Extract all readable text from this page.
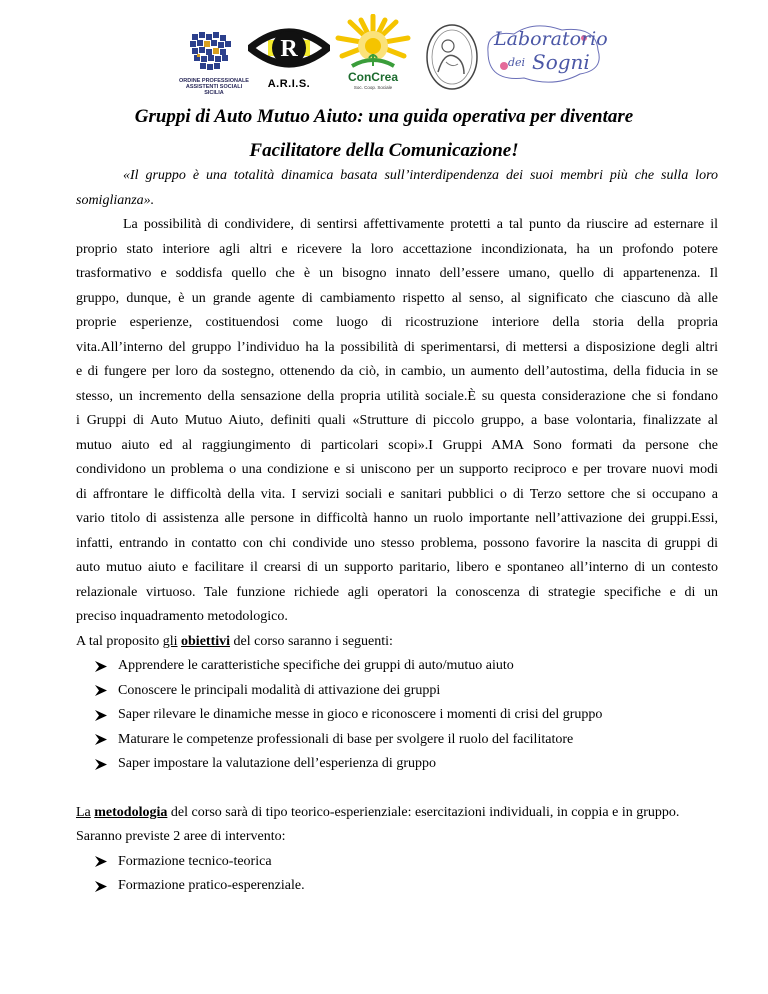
ORDINE PROFESSIONALE
ASSISTENTI SOCIALI
SICILIA
R
A.R.I.S.	ConCrea
Soc. Coop. Sociale
Laboratorio
dei Sogni
Gruppi di Auto Mutuo Aiuto: una guida operativa per diventare
Facilitatore della Comunicazione!

«Il gruppo è una totalità dinamica basata sull’interdipendenza dei suoi membri più che sulla loro

somiglianza».

La possibilità di condividere, di sentirsi affettivamente protetti a tal punto da riuscire ad esternare il

proprio stato interiore agli altri e ricevere la loro accettazione incondizionata, ha un profondo potere

trasformativo e soddisfa quello che è un bisogno innato dell’essere umano, quello di appartenenza. Il

gruppo, dunque, è un grande agente di cambiamento rispetto al senso, al significato che ciascuno dà alle

proprie esperienze, costituendosi come luogo di ricostruzione interiore della storia della propria

vita.All’interno del gruppo l’individuo ha la possibilità di sperimentarsi, di mettersi a disposizione degli altri

e di fungere per loro da sostegno, ottenendo da ciò, in cambio, un aumento dell’autostima, della fiducia in se

stesso, un incremento della sensazione della propria utilità sociale.È su questa considerazione che si fondano

i Gruppi di Auto Mutuo Aiuto, definiti quali «Strutture di piccolo gruppo, a base volontaria, finalizzate al

mutuo aiuto ed al raggiungimento di particolari scopi».I Gruppi AMA Sono formati da persone che

condividono un problema o una condizione e si uniscono per un supporto reciproco e per trovare nuovi modi

di affrontare le difficoltà della vita. I servizi sociali e sanitari pubblici o di Terzo settore che si occupano a

vario titolo di assistenza alle persone in difficoltà hanno un ruolo importante nell’attivazione dei gruppi.Essi,

infatti, entrando in contatto con chi condivide uno stesso problema, possono favorire la nascita di gruppi di

auto mutuo aiuto e facilitare il crearsi di un supporto paritario, libero e spontaneo all’interno di un contesto

relazionale virtuoso. Tale funzione richiede agli operatori la conoscenza di strategie specifiche e di un

preciso inquadramento metodologico.

A tal proposito gli obiettivi del corso saranno i seguenti:

Apprendere le caratteristiche specifiche dei gruppi di auto/mutuo aiuto

Conoscere le principali modalità di attivazione dei gruppi

Saper rilevare le dinamiche messe in gioco e riconoscere i momenti di crisi del gruppo

Maturare le competenze professionali di base per svolgere il ruolo del facilitatore

Saper impostare la valutazione dell’esperienza di gruppo

La metodologia del corso sarà di tipo teorico-esperienziale: esercitazioni individuali, in coppia e in gruppo.

Saranno previste 2 aree di intervento:

Formazione tecnico-teorica

Formazione pratico-esperenziale.
